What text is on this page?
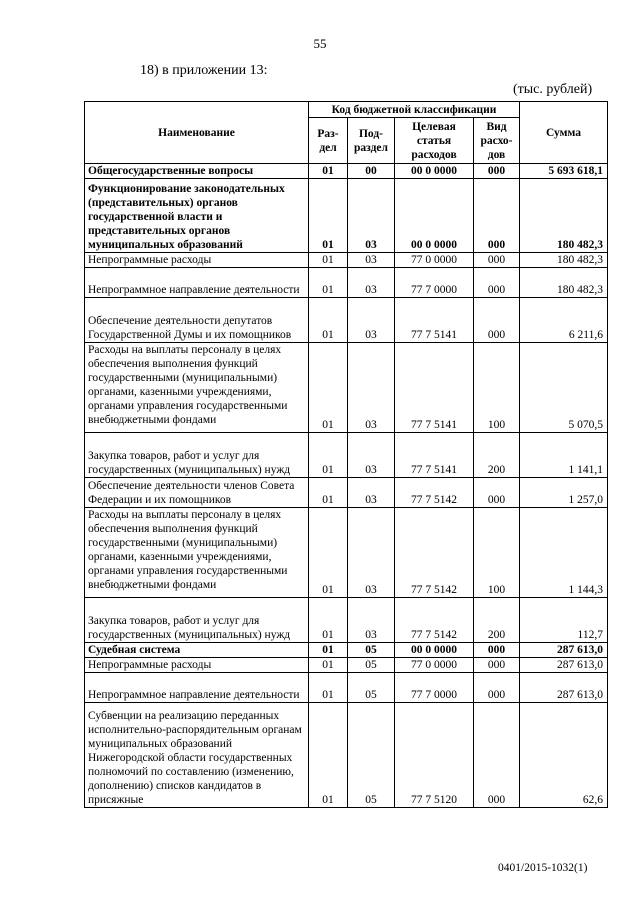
55
18) в приложении 13:
(тыс. рублей)
Наименование	Код бюджетной классификации				Сумма
	Раз-дел	Под-раздел	Целевая статья расходов	Вид расхо-дов	
Общегосударственные вопросы	01	00	00 0 0000	000	5 693 618,1
Функционирование законодательных (представительных) органов государственной власти и представительных органов муниципальных образований	01	03	00 0 0000	000	180 482,3
Непрограммные расходы	01	03	77 0 0000	000	180 482,3
Непрограммное направление деятельности	01	03	77 7 0000	000	180 482,3
Обеспечение деятельности депутатов Государственной Думы и их помощников	01	03	77 7 5141	000	6 211,6
Расходы на выплаты персоналу в целях обеспечения выполнения функций государственными (муниципальными) органами, казенными учреждениями, органами управления государственными внебюджетными фондами	01	03	77 7 5141	100	5 070,5
Закупка товаров, работ и услуг для государственных (муниципальных) нужд	01	03	77 7 5141	200	1 141,1
Обеспечение деятельности членов Совета Федерации и их помощников	01	03	77 7 5142	000	1 257,0
Расходы на выплаты персоналу в целях обеспечения выполнения функций государственными (муниципальными) органами, казенными учреждениями, органами управления государственными внебюджетными фондами	01	03	77 7 5142	100	1 144,3
Закупка товаров, работ и услуг для государственных (муниципальных) нужд	01	03	77 7 5142	200	112,7
Судебная система	01	05	00 0 0000	000	287 613,0
Непрограммные расходы	01	05	77 0 0000	000	287 613,0
Непрограммное направление деятельности	01	05	77 7 0000	000	287 613,0
Субвенции на реализацию переданных исполнительно-распорядительным органам муниципальных образований Нижегородской области государственных полномочий по составлению (изменению, дополнению) списков кандидатов в присяжные	01	05	77 7 5120	000	62,6
0401/2015-1032(1)
